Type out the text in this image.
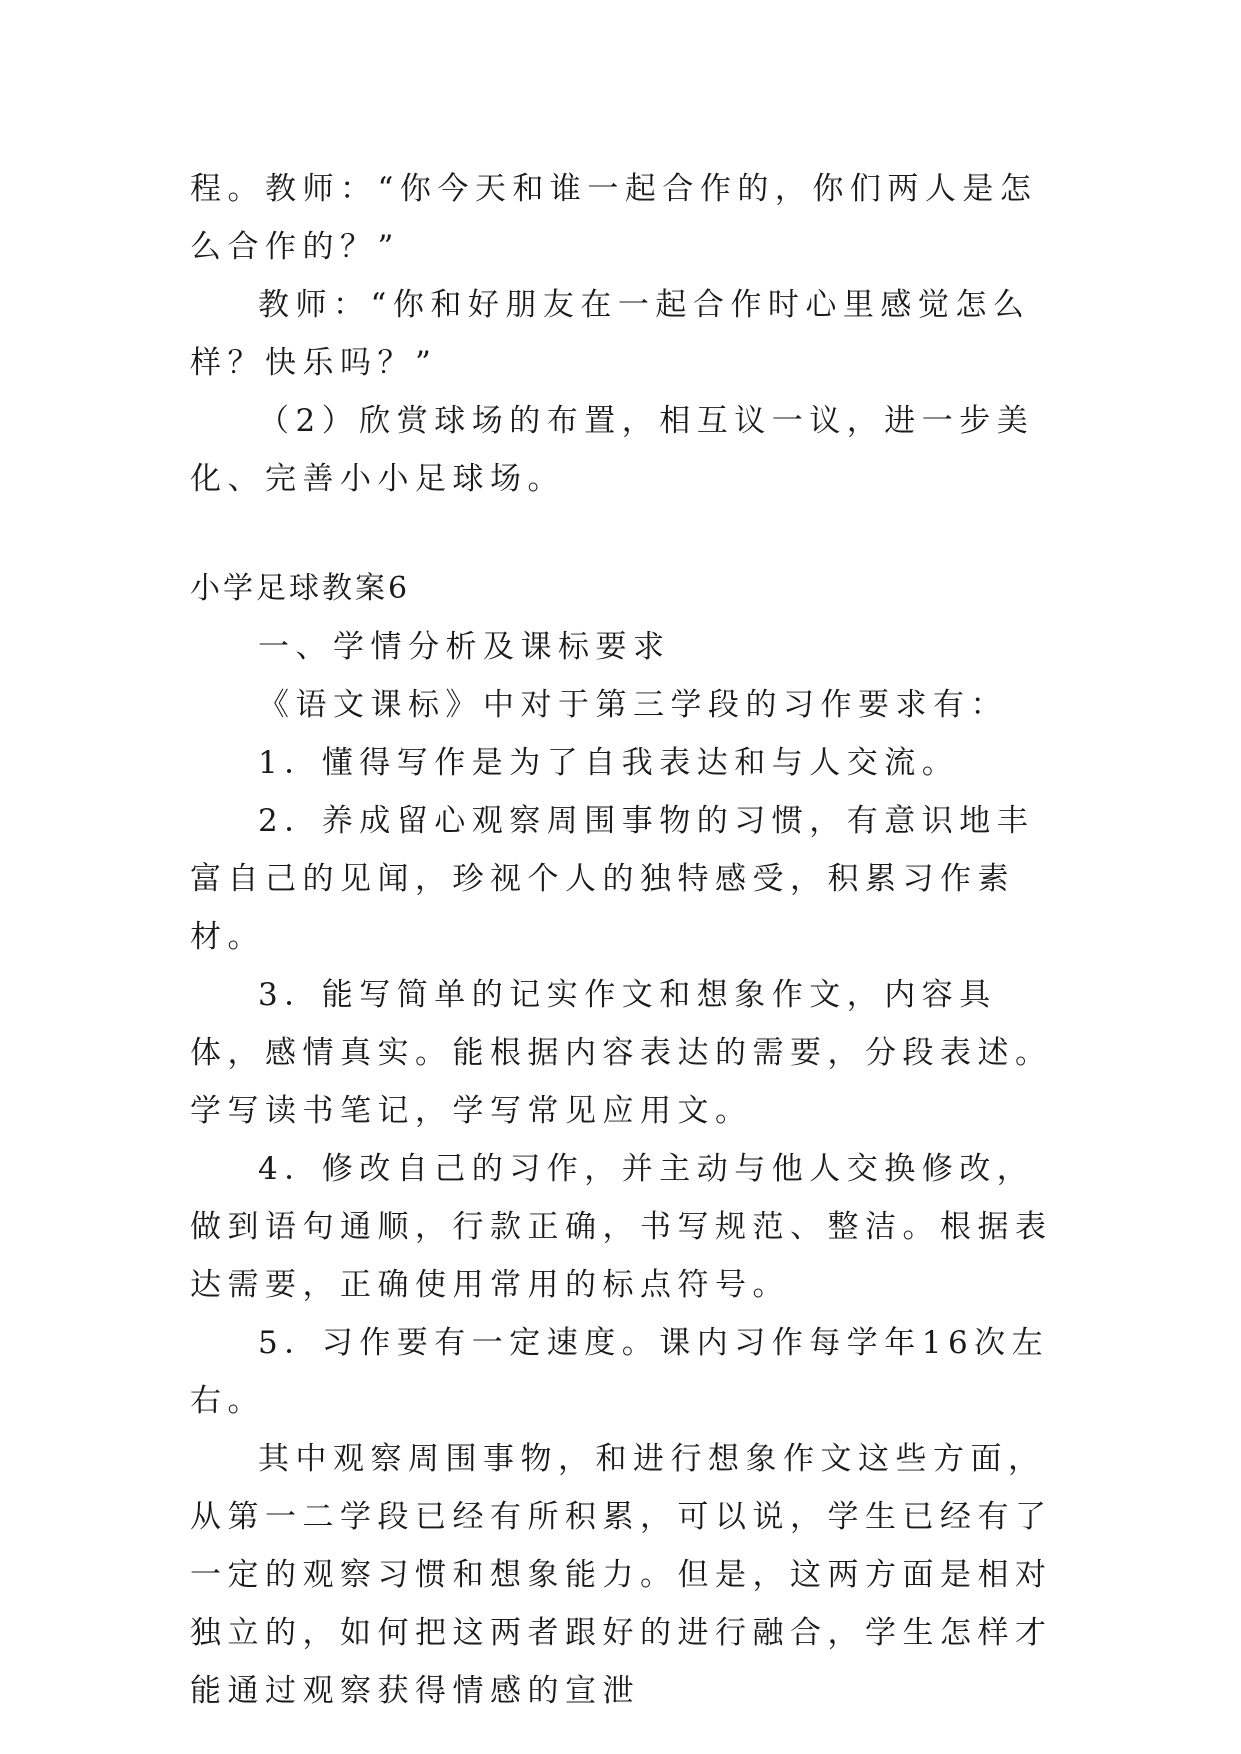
程。教师：“你今天和谁一起合作的，你们两人是怎么合作的？”

教师：“你和好朋友在一起合作时心里感觉怎么样？快乐吗？”

（2）欣赏球场的布置，相互议一议，进一步美化、完善小小足球场。

小学足球教案6

一、学情分析及课标要求

《语文课标》中对于第三学段的习作要求有：

1．懂得写作是为了自我表达和与人交流。

2．养成留心观察周围事物的习惯，有意识地丰富自己的见闻，珍视个人的独特感受，积累习作素材。

3．能写简单的记实作文和想象作文，内容具体，感情真实。能根据内容表达的需要，分段表述。学写读书笔记，学写常见应用文。

4．修改自己的习作，并主动与他人交换修改，做到语句通顺，行款正确，书写规范、整洁。根据表达需要，正确使用常用的标点符号。

5．习作要有一定速度。课内习作每学年16次左右。

其中观察周围事物，和进行想象作文这些方面，从第一二学段已经有所积累，可以说，学生已经有了一定的观察习惯和想象能力。但是，这两方面是相对独立的，如何把这两者跟好的进行融合，学生怎样才能通过观察获得情感的宣泄
